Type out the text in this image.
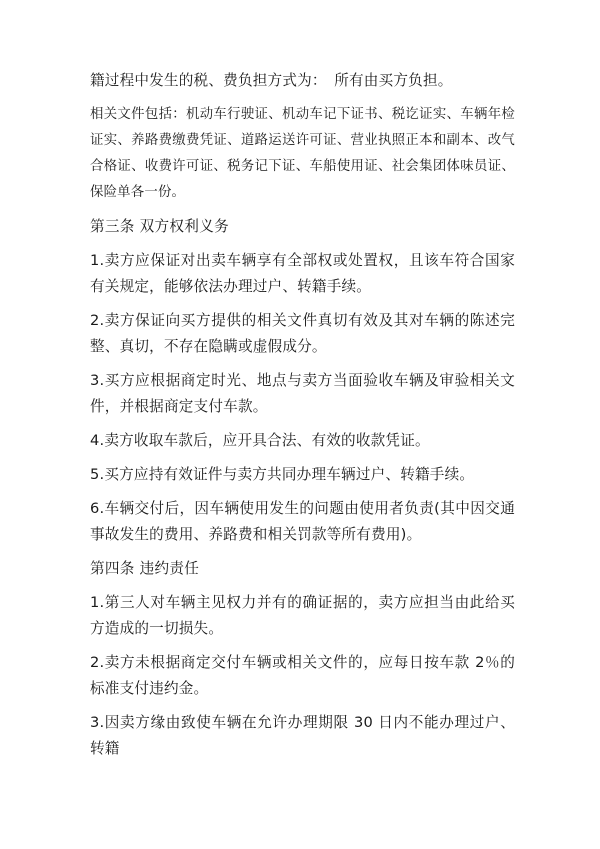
籍过程中发生的税、费负担方式为：　所有由买方负担。

相关文件包括：机动车行驶证、机动车记下证书、税讫证实、车辆年检证实、养路费缴费凭证、道路运送许可证、营业执照正本和副本、改气合格证、收费许可证、税务记下证、车船使用证、社会集团体味员证、保险单各一份。

第三条 双方权利义务

1.卖方应保证对出卖车辆享有全部权或处置权，且该车符合国家有关规定，能够依法办理过户、转籍手续。

2.卖方保证向买方提供的相关文件真切有效及其对车辆的陈述完整、真切，不存在隐瞒或虚假成分。

3.买方应根据商定时光、地点与卖方当面验收车辆及审验相关文件，并根据商定支付车款。

4.卖方收取车款后，应开具合法、有效的收款凭证。

5.买方应持有效证件与卖方共同办理车辆过户、转籍手续。

6.车辆交付后，因车辆使用发生的问题由使用者负责(其中因交通事故发生的费用、养路费和相关罚款等所有费用)。

第四条 违约责任

1.第三人对车辆主见权力并有的确证据的，卖方应担当由此给买方造成的一切损失。

2.卖方未根据商定交付车辆或相关文件的，应每日按车款 2％的标准支付违约金。

3.因卖方缘由致使车辆在允许办理期限 30 日内不能办理过户、转籍
